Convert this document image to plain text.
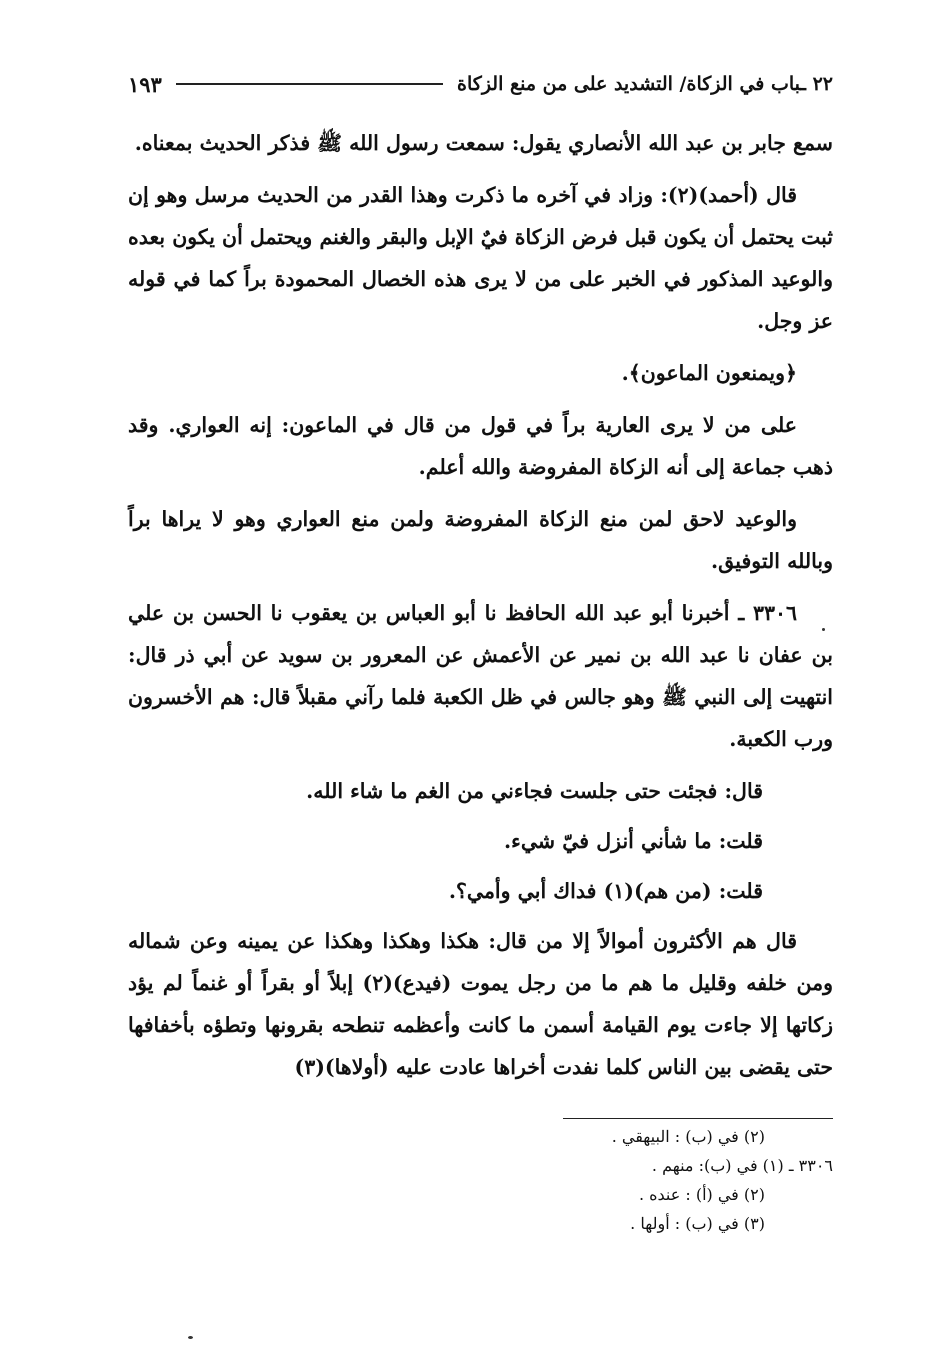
٢٢ ـباب في الزكاة/ التشديد على من منع الزكاة
١٩٣

سمع جابر بن عبد الله الأنصاري يقول: سمعت رسول الله ﷺ فذكر الحديث بمعناه.

قال (أحمد)(٢): وزاد في آخره ما ذكرت وهذا القدر من الحديث مرسل وهو إن ثبت يحتمل أن يكون قبل فرض الزكاة فيٌ الإبل والبقر والغنم ويحتمل أن يكون بعده والوعيد المذكور في الخبر على من لا يرى هذه الخصال المحمودة براً كما في قوله عز وجل.

﴿ويمنعون الماعون﴾.

على من لا يرى العارية براً في قول من قال في الماعون: إنه العواري. وقد ذهب جماعة إلى أنه الزكاة المفروضة والله أعلم.

والوعيد لاحق لمن منع الزكاة المفروضة ولمن منع العواري وهو لا يراها براً وبالله التوفيق.

٣٣٠٦ ـ أخبرنا أبو عبد الله الحافظ نا أبو العباس بن يعقوب نا الحسن بن علي بن عفان نا عبد الله بن نمير عن الأعمش عن المعرور بن سويد عن أبي ذر قال: انتهيت إلى النبي ﷺ وهو جالس في ظل الكعبة فلما رآني مقبلاً قال: هم الأخسرون ورب الكعبة.

قال: فجئت حتى جلست فجاءني من الغم ما شاء الله.

قلت: ما شأني أنزل فيّ شيء.

قلت: (من هم)(١) فداك أبي وأمي؟.

قال هم الأكثرون أموالاً إلا من قال: هكذا وهكذا وهكذا عن يمينه وعن شماله ومن خلفه وقليل ما هم ما من رجل يموت (فيدع)(٢) إبلاً أو بقراً أو غنماً لم يؤد زكاتها إلا جاءت يوم القيامة أسمن ما كانت وأعظمه تنطحه بقرونها وتطؤه بأخفافها حتى يقضى بين الناس كلما نفدت أخراها عادت عليه (أولاها)(٣)

(٢) في (ب) : البيهقي .
٣٣٠٦ ـ (١) في (ب): منهم .
(٢) في (أ) : عنده .
(٣) في (ب) : أولها .
